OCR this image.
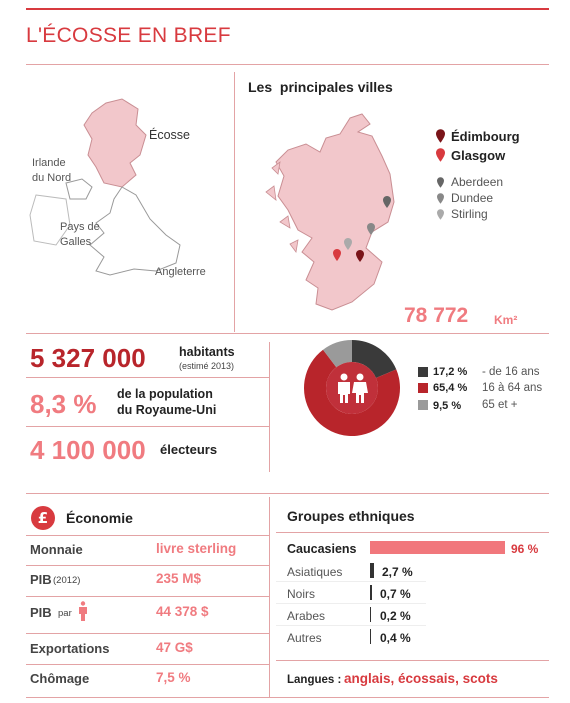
L'ÉCOSSE EN BREF
Écosse
Irlande
du Nord
Pays de
Galles
Angleterre
Les  principales villes
Édimbourg
Glasgow
Aberdeen
Dundee
Stirling
78 772 Km²
5 327 000	habitants
(estimé 2013)
8,3 % de la population
du Royaume-Uni
4 100 000 électeurs
17,2 % - de 16 ans
65,4 % 16 à 64 ans
9,5 % 65 et +
£ Économie
Monnaie	livre sterling
PIB (2012)	235 M$
PIB par	44 378 $
Exportations	47 G$
Chômage	7,5 %
Groupes ethniques
Caucasiens	96 %
Asiatiques	2,7 %
Noirs	0,7 %
Arabes	0,2 %
Autres	0,4 %
Langues : anglais, écossais, scots
